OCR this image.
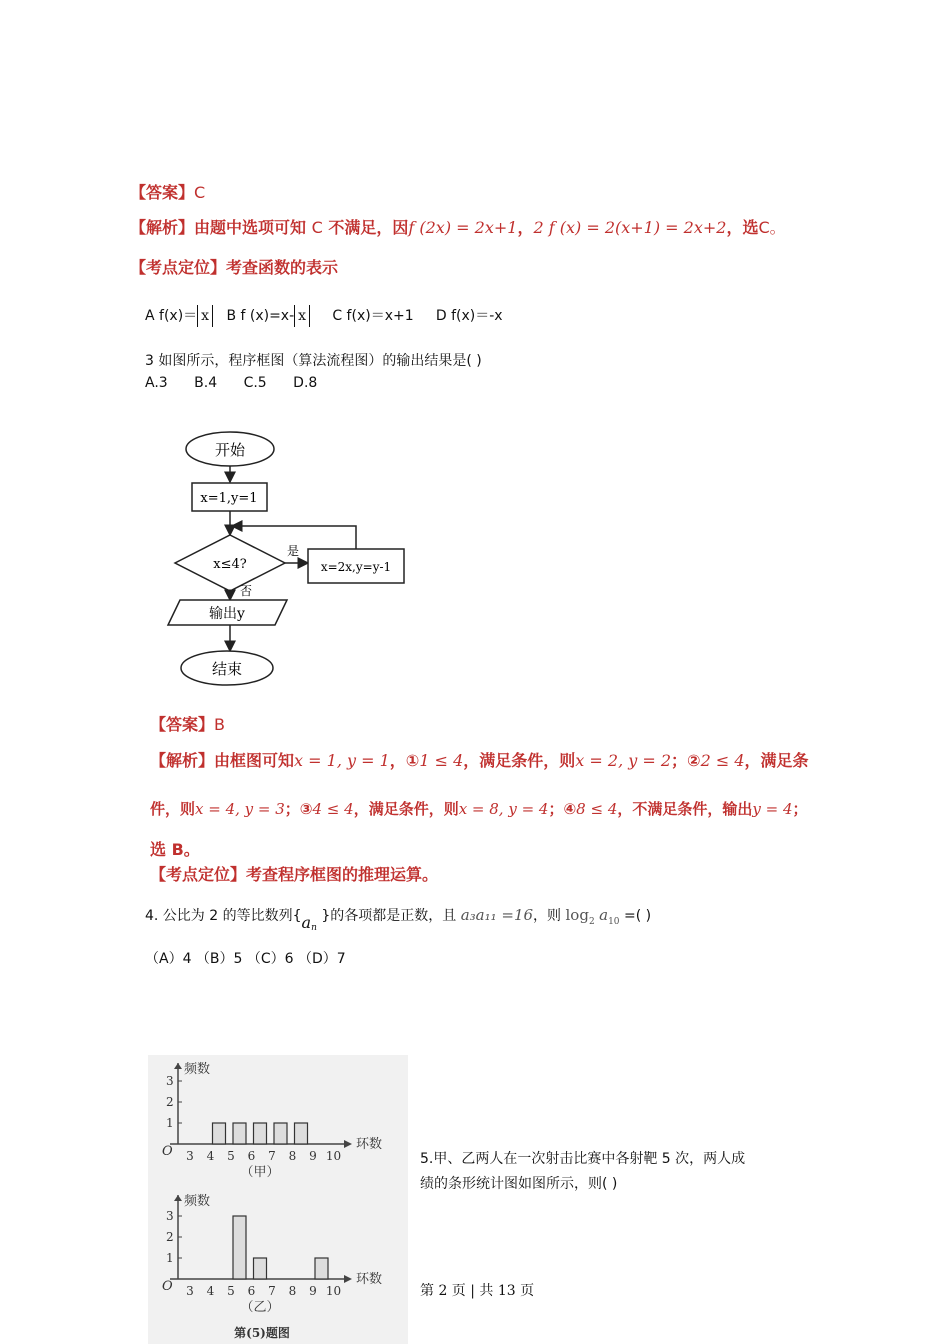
【答案】C
【解析】由题中选项可知 C 不满足，因f (2x) = 2x+1，2 f (x) = 2(x+1) = 2x+2，选C。
【考点定位】考查函数的表示
A f(x)＝ x B f (x)=x- x C f(x)＝x+1 D f(x)＝-x
3 如图所示，程序框图（算法流程图）的输出结果是( )
A.3 B.4 C.5 D.8
开始
x=1,y=1
x≤4?
是
x=2x,y=y-1
否
输出y
结束
【答案】B
【解析】由框图可知x = 1, y = 1，①1 ≤ 4，满足条件，则x = 2, y = 2；②2 ≤ 4，满足条
件，则x = 4, y = 3；③4 ≤ 4，满足条件，则x = 8, y = 4；④8 ≤ 4，不满足条件，输出y = 4；
选 B。
【考点定位】考查程序框图的推理运算。
4. 公比为 2 的等比数列{$a_n$ }的各项都是正数，且 a₃a₁₁ =16，则 $\log_2 a_{10}$ =( )
（A）4 （B）5 （C）6 （D）7
频数
环数
O
1
2
3
3 4 5 6 7 8 9 10
（甲）
频数
环数
O
1
2
3
3 4 5 6 7 8 9 10
（乙）
第(5)题图
5.甲、乙两人在一次射击比赛中各射靶 5 次，两人成
绩的条形统计图如图所示，则( )
第 2 页 | 共 13 页
